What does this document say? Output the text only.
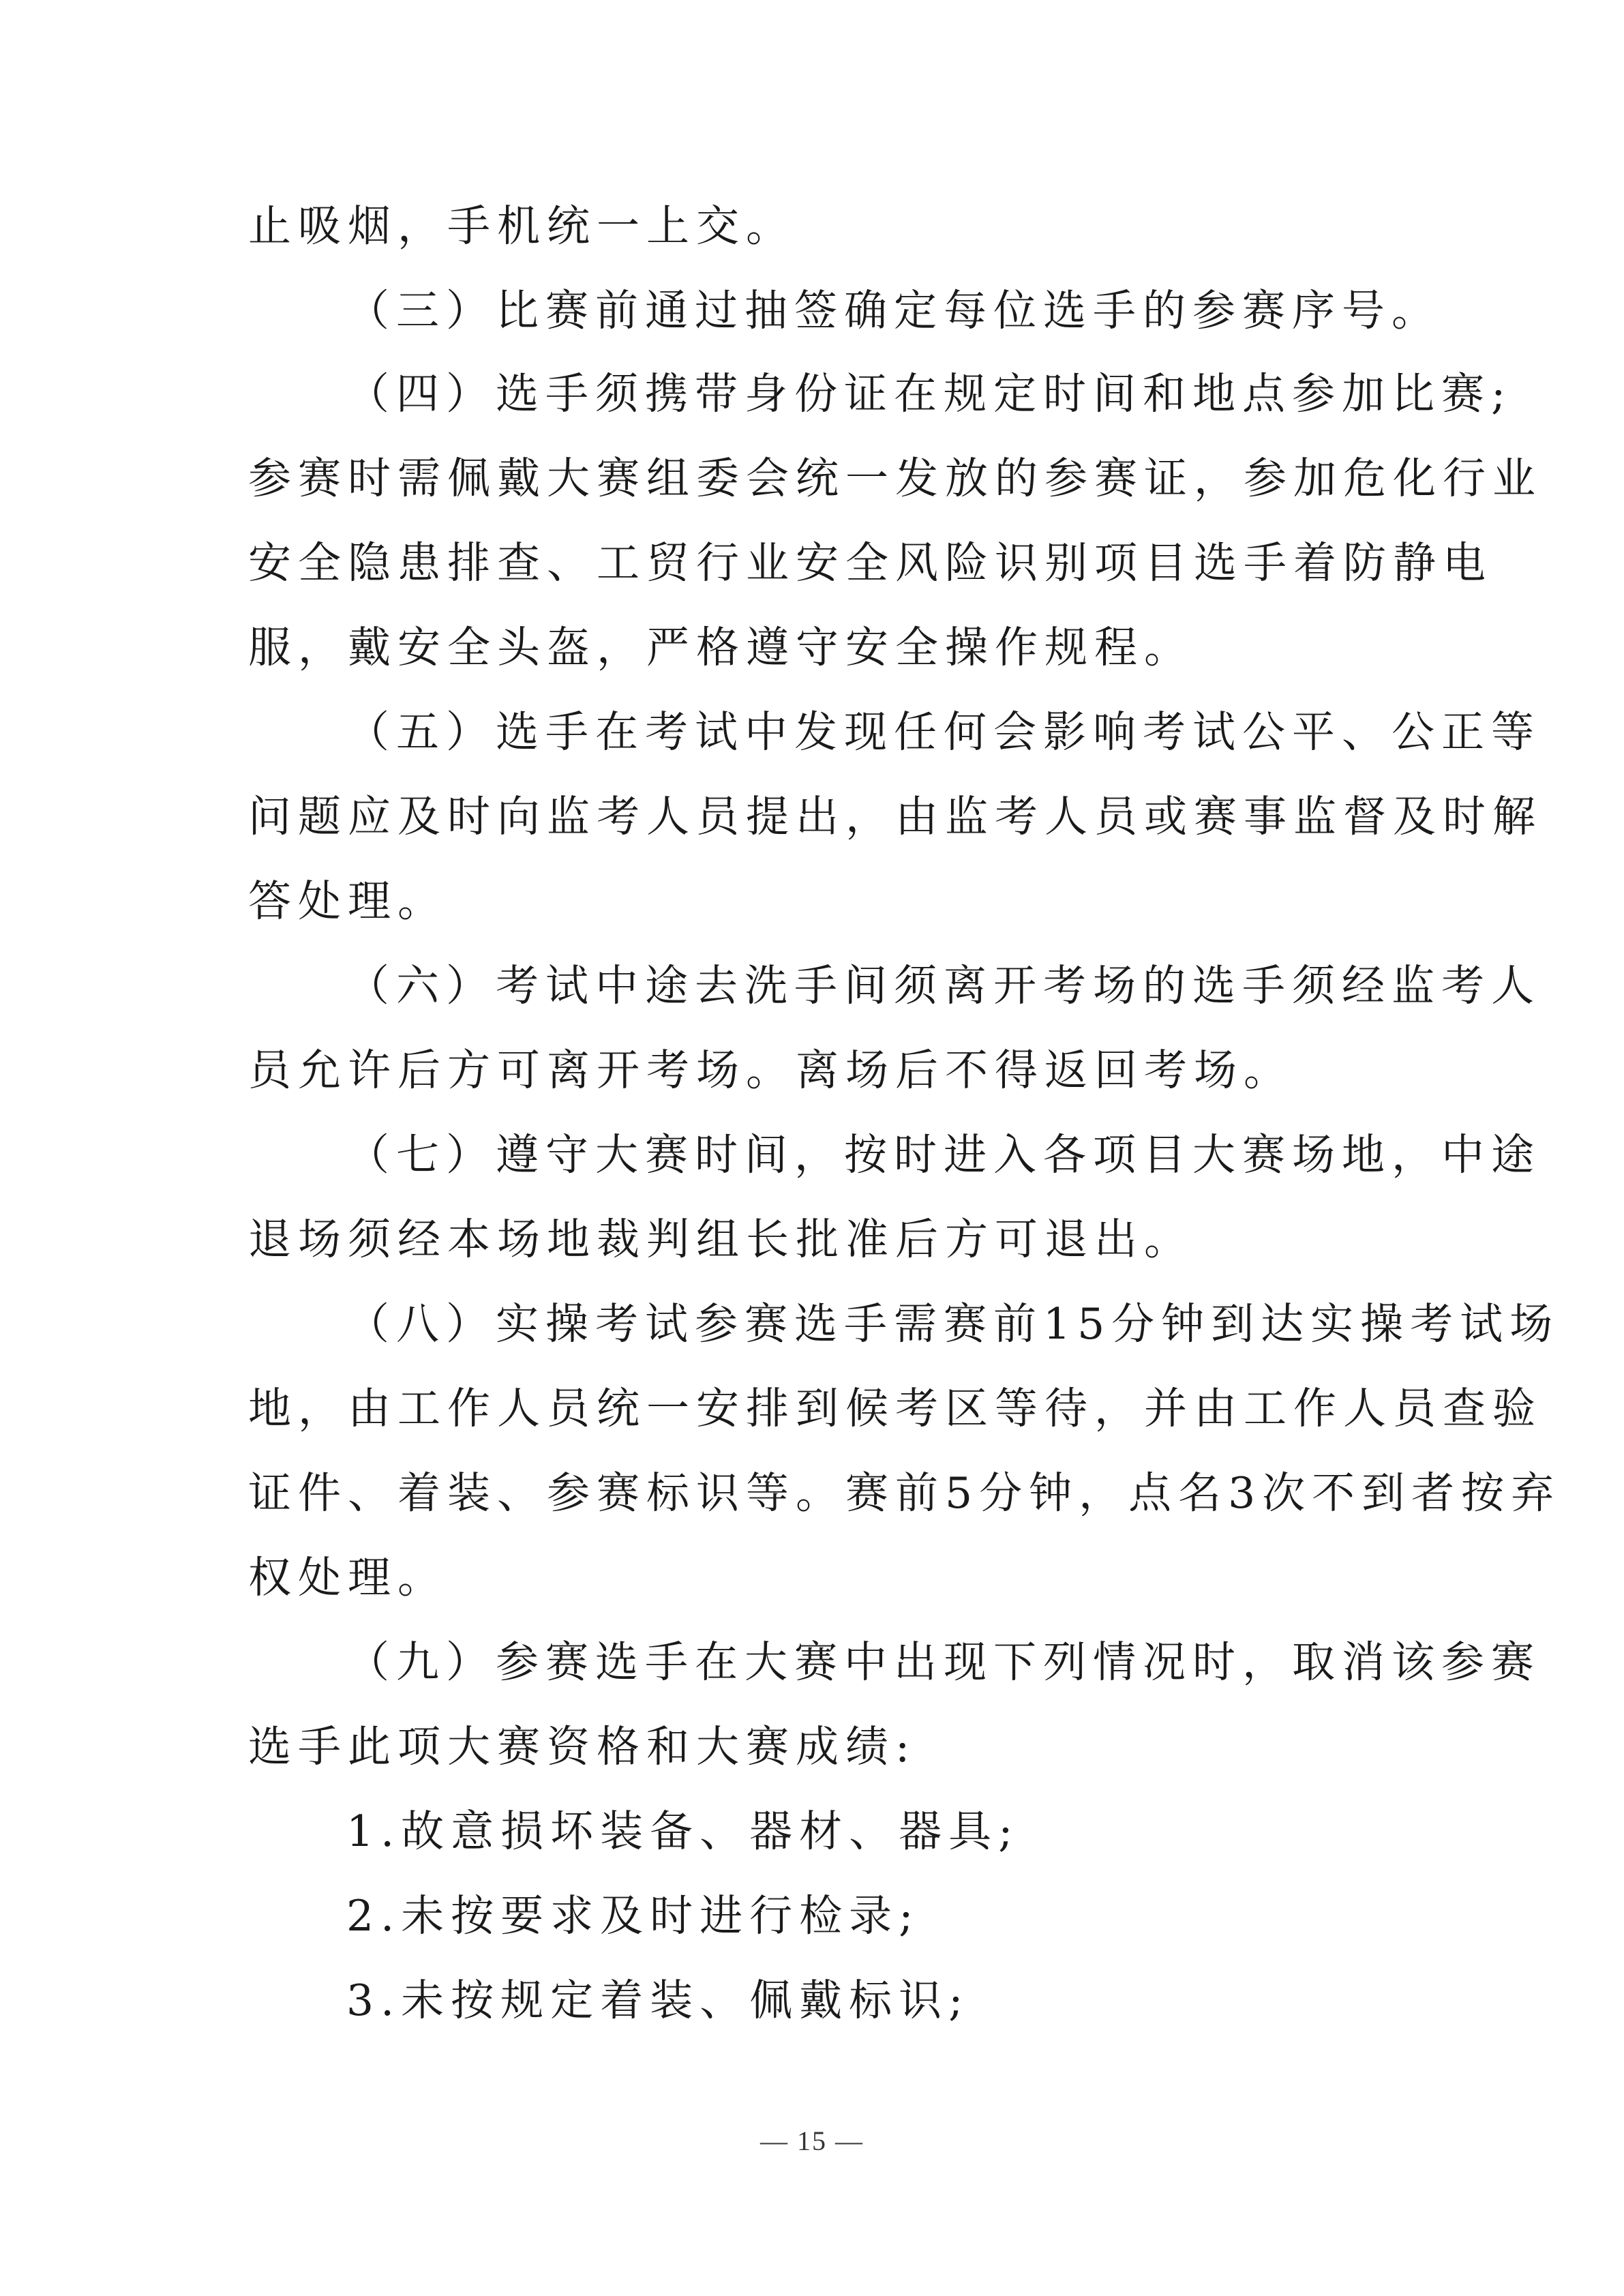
止吸烟，手机统一上交。
（三）比赛前通过抽签确定每位选手的参赛序号。
（四）选手须携带身份证在规定时间和地点参加比赛;
参赛时需佩戴大赛组委会统一发放的参赛证，参加危化行业
安全隐患排查、工贸行业安全风险识别项目选手着防静电
服，戴安全头盔，严格遵守安全操作规程。
（五）选手在考试中发现任何会影响考试公平、公正等
问题应及时向监考人员提出，由监考人员或赛事监督及时解
答处理。
（六）考试中途去洗手间须离开考场的选手须经监考人
员允许后方可离开考场。离场后不得返回考场。
（七）遵守大赛时间，按时进入各项目大赛场地，中途
退场须经本场地裁判组长批准后方可退出。
（八）实操考试参赛选手需赛前15分钟到达实操考试场
地，由工作人员统一安排到候考区等待，并由工作人员查验
证件、着装、参赛标识等。赛前5分钟，点名3次不到者按弃
权处理。
（九）参赛选手在大赛中出现下列情况时，取消该参赛
选手此项大赛资格和大赛成绩:
1.故意损坏装备、器材、器具;
2.未按要求及时进行检录;
3.未按规定着装、佩戴标识;
— 15 —
